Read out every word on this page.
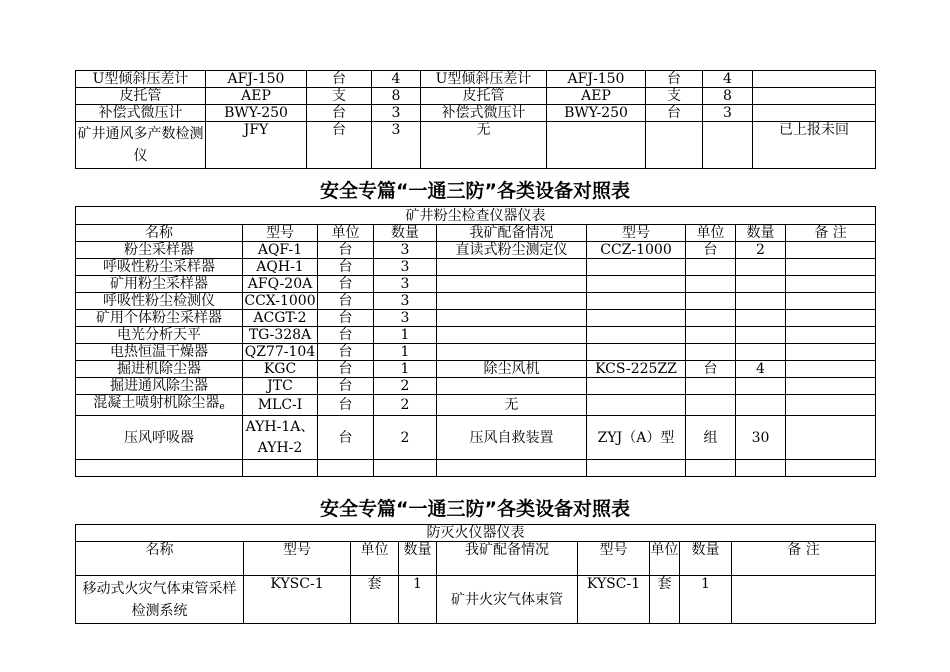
U型倾斜压差计	AFJ-150	台	4	U型倾斜压差计	AFJ-150	台	4	
皮托管	AEP	支	8	皮托管	AEP	支	8	
补偿式微压计	BWY-250	台	3	补偿式微压计	BWY-250	台	3	
矿井通风多产数检测仪	JFY	台	3	无				已上报未回
安全专篇“一通三防”各类设备对照表
矿井粉尘检查仪器仪表								
名称	型号	单位	数量	我矿配备情况	型号	单位	数量	备 注
粉尘采样器	AQF-1	台	3	直读式粉尘测定仪	CCZ-1000	台	2	
呼吸性粉尘采样器	AQH-1	台	3					
矿用粉尘采样器	AFQ-20A	台	3					
呼吸性粉尘检测仪	CCX-1000	台	3					
矿用个体粉尘采样器	ACGT-2	台	3					
电光分析天平	TG-328A	台	1					
电热恒温干燥器	QZ77-104	台	1					
掘进机除尘器	KGC	台	1	除尘风机	KCS-225ZZ	台	4	
掘进通风除尘器	JTC	台	2					
混凝土喷射机除尘器$_e$	MLC-I	台	2	无				
压风呼吸器	AYH-1A、AYH-2	台	2	压风自救装置	ZYJ（A）型	组	30	

安全专篇“一通三防”各类设备对照表
防灭火仪器仪表								
名称	型号	单位	数量	我矿配备情况	型号	单位	数量	备 注
移动式火灾气体束管采样检测系统	KYSC-1	套	1	矿井火灾气体束管	KYSC-1	套	1	
